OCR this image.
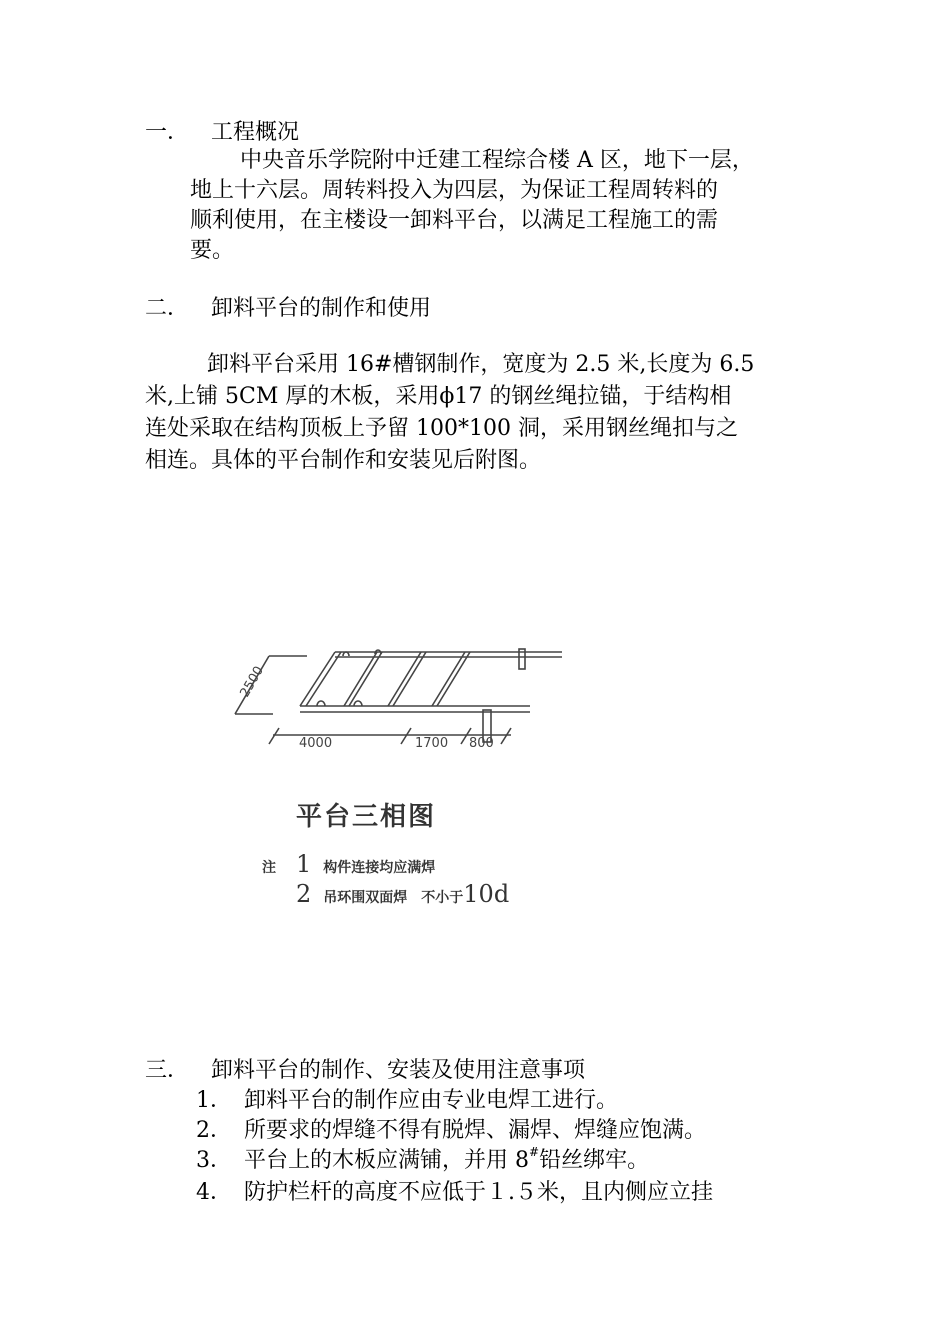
一． 工程概况
中央音乐学院附中迁建工程综合楼 A 区，地下一层，
地上十六层。周转料投入为四层，为保证工程周转料的
顺利使用，在主楼设一卸料平台，以满足工程施工的需
要。
二． 卸料平台的制作和使用
卸料平台采用 16#槽钢制作，宽度为 2.5 米,长度为 6.5
米,上铺 5CM 厚的木板，采用ϕ17 的钢丝绳拉锚，于结构相
连处采取在结构顶板上予留 100*100 洞，采用钢丝绳扣与之
相连。具体的平台制作和安装见后附图。
2500
4000	1700 800
平台三相图
注 1 构件连接均应满焊
2 吊环围双面焊　不小于10d
三． 卸料平台的制作、安装及使用注意事项
1． 卸料平台的制作应由专业电焊工进行。
2． 所要求的焊缝不得有脱焊、漏焊、焊缝应饱满。
3． 平台上的木板应满铺，并用 8#铅丝绑牢。
4． 防护栏杆的高度不应低于１.５米，且内侧应立挂
